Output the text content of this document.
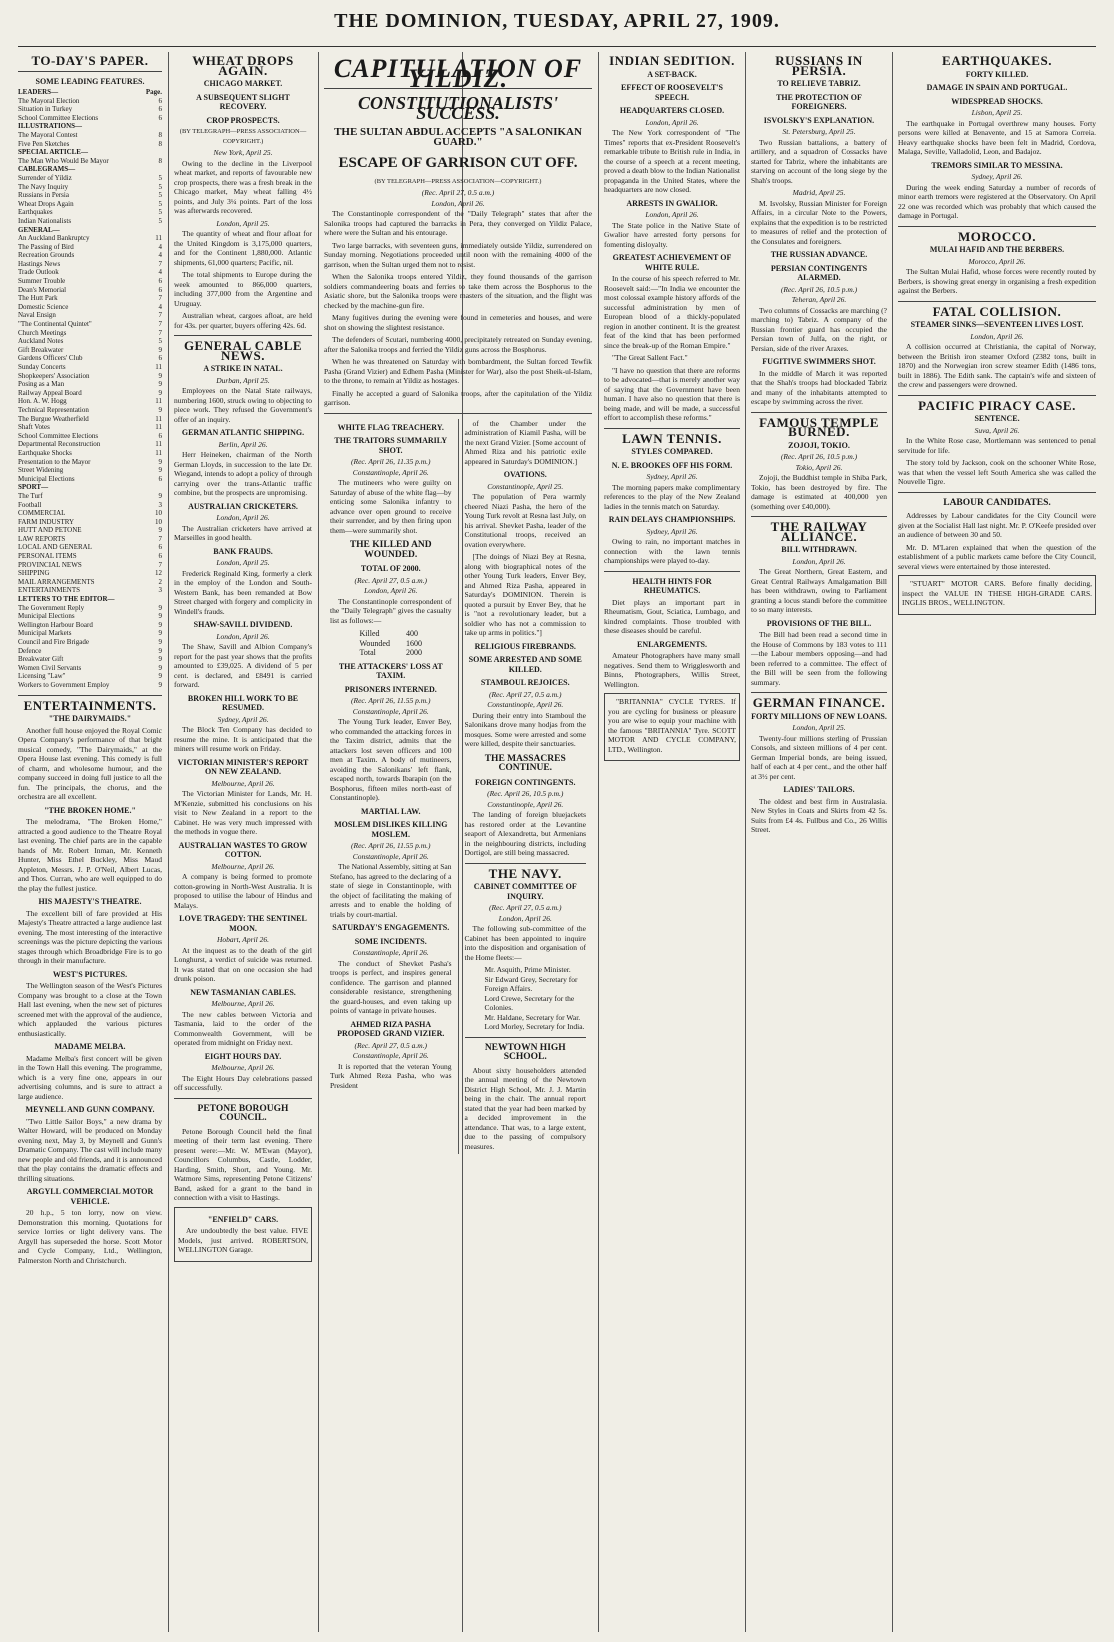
THE DOMINION, TUESDAY, APRIL 27, 1909.
TO-DAY'S PAPER.
SOME LEADING FEATURES.
LEADERS—	Page.
The Mayoral Election	6
Situation in Turkey	6
School Committee Elections	6
ILLUSTRATIONS—
The Mayoral Contest	8
Five Pen Sketches	8
SPECIAL ARTICLE—
The Man Who Would Be Mayor	8
CABLEGRAMS—
Surrender of Yildiz	5
The Navy Inquiry	5
Russians in Persia	5
Wheat Drops Again	5
Earthquakes	5
Indian Nationalists	5
GENERAL—
An Auckland Bankruptcy	11
The Passing of Bird	4
Recreation Grounds	4
Hastings News	7
Trade Outlook	4
Summer Trouble	6
Dean's Memorial	6
The Hutt Park	7
Domestic Science	4
Naval Ensign	7
"The Continental Quintet"	7
Church Meetings	7
Auckland Notes	5
Gift Breakwater	9
Gardens Officers' Club	6
Sunday Concerts	11
Shopkeepers' Association	9
Posing as a Man	9
Railway Appeal Board	9
Hon. A. W. Hogg	11
Technical Representation	9
The Burgue Weatherfield	11
Shaft Votes	11
School Committee Elections	6
Departmental Reconstruction	11
Earthquake Shocks	11
Presentation to the Mayor	9
Street Widening	9
Municipal Elections	6
SPORT—
The Turf	9
Football	3
COMMERCIAL	10
FARM INDUSTRY	10
HUTT AND PETONE	9
LAW REPORTS	7
LOCAL AND GENERAL	6
PERSONAL ITEMS	6
PROVINCIAL NEWS	7
SHIPPING	12
MAIL ARRANGEMENTS	2
ENTERTAINMENTS	3
LETTERS TO THE EDITOR—
The Government Reply	9
Municipal Elections	9
Wellington Harbour Board	9
Municipal Markets	9
Council and Fire Brigade	9
Defence	9
Breakwater Gift	9
Women Civil Servants	9
Licensing "Law"	9
Workers to Government Employ	9
ENTERTAINMENTS.
"THE DAIRYMAIDS."

Another full house enjoyed the Royal Comic Opera Company's performance of that bright musical comedy, "The Dairymaids," at the Opera House last evening. This comedy is full of charm, and wholesome humour, and the company succeed in doing full justice to all the fun. The principals, the chorus, and the orchestra are all excellent.

"THE BROKEN HOME."

The melodrama, "The Broken Home," attracted a good audience to the Theatre Royal last evening. The chief parts are in the capable hands of Mr. Robert Inman, Mr. Kenneth Hunter, Miss Ethel Buckley, Miss Maud Appleton, Messrs. J. P. O'Neil, Albert Lucas, and Thos. Curran, who are well equipped to do the play the fullest justice.

HIS MAJESTY'S THEATRE.

The excellent bill of fare provided at His Majesty's Theatre attracted a large audience last evening. The most interesting of the interactive screenings was the picture depicting the various stages through which Broadbridge Fire is to go through in their manufacture.

WEST'S PICTURES.

The Wellington season of the West's Pictures Company was brought to a close at the Town Hall last evening, when the new set of pictures screened met with the approval of the audience, which applauded the various pictures enthusiastically.

MADAME MELBA.

Madame Melba's first concert will be given in the Town Hall this evening. The programme, which is a very fine one, appears in our advertising columns, and is sure to attract a large audience.

MEYNELL AND GUNN COMPANY.

"Two Little Sailor Boys," a new drama by Walter Howard, will be produced on Monday evening next, May 3, by Meynell and Gunn's Dramatic Company. The cast will include many new people and old friends, and it is announced that the play contains the dramatic effects and thrilling situations.

ARGYLL COMMERCIAL MOTOR VEHICLE.

20 h.p., 5 ton lorry, now on view. Demonstration this morning. Quotations for service lorries or light delivery vans. The Argyll has superseded the horse. Scott Motor and Cycle Company, Ltd., Wellington, Palmerston North and Christchurch.

WHEAT DROPS AGAIN.
CHICAGO MARKET.
A SUBSEQUENT SLIGHT RECOVERY.
CROP PROSPECTS.
(BY TELEGRAPH—PRESS ASSOCIATION—COPYRIGHT.)
New York, April 25.

Owing to the decline in the Liverpool wheat market, and reports of favourable new crop prospects, there was a fresh break in the Chicago market, May wheat falling 4½ points, and July 3¼ points. Part of the loss was afterwards recovered.

London, April 25.

The quantity of wheat and flour afloat for the United Kingdom is 3,175,000 quarters, and for the Continent 1,880,000. Atlantic shipments, 61,000 quarters; Pacific, nil.

The total shipments to Europe during the week amounted to 866,000 quarters, including 377,000 from the Argentine and Uruguay.

Australian wheat, cargoes afloat, are held for 43s. per quarter, buyers offering 42s. 6d.

GENERAL CABLE NEWS.
A STRIKE IN NATAL.
Durban, April 25.

Employees on the Natal State railways, numbering 1600, struck owing to objecting to piece work. They refused the Government's offer of an inquiry.

GERMAN ATLANTIC SHIPPING.
Berlin, April 26.

Herr Heineken, chairman of the North German Lloyds, in succession to the late Dr. Wiegand, intends to adopt a policy of through carrying over the trans-Atlantic traffic combine, but the prospects are unpromising.

AUSTRALIAN CRICKETERS.
London, April 26.

The Australian cricketers have arrived at Marseilles in good health.

BANK FRAUDS.
London, April 25.

Frederick Reginald King, formerly a clerk in the employ of the London and South-Western Bank, has been remanded at Bow Street charged with forgery and complicity in Windell's frauds.

SHAW-SAVILL DIVIDEND.
London, April 26.

The Shaw, Savill and Albion Company's report for the past year shows that the profits amounted to £39,025. A dividend of 5 per cent. is declared, and £8491 is carried forward.

BROKEN HILL WORK TO BE RESUMED.
Sydney, April 26.

The Block Ten Company has decided to resume the mine. It is anticipated that the miners will resume work on Friday.

VICTORIAN MINISTER'S REPORT ON NEW ZEALAND.
Melbourne, April 26.

The Victorian Minister for Lands, Mr. H. M'Kenzie, submitted his conclusions on his visit to New Zealand in a report to the Cabinet. He was very much impressed with the methods in vogue there.

AUSTRALIAN WASTES TO GROW COTTON.
Melbourne, April 26.

A company is being formed to promote cotton-growing in North-West Australia. It is proposed to utilise the labour of Hindus and Malays.

LOVE TRAGEDY: THE SENTINEL MOON.
Hobart, April 26.

At the inquest as to the death of the girl Longhurst, a verdict of suicide was returned. It was stated that on one occasion she had drunk poison.

NEW TASMANIAN CABLES.
Melbourne, April 26.

The new cables between Victoria and Tasmania, laid to the order of the Commonwealth Government, will be operated from midnight on Friday next.

EIGHT HOURS DAY.
Melbourne, April 26.

The Eight Hours Day celebrations passed off successfully.

PETONE BOROUGH COUNCIL.

Petone Borough Council held the final meeting of their term last evening. There present were:—Mr. W. M'Ewan (Mayor), Councillors Columbus, Castle, Lodder, Harding, Smith, Short, and Young. Mr. Watmore Sims, representing Petone Citizens' Band, asked for a grant to the band in connection with a visit to Hastings.

"ENFIELD" CARS.

Are undoubtedly the best value. FIVE Models, just arrived. ROBERTSON, WELLINGTON Garage.

CAPITULATION OF YILDIZ.
CONSTITUTIONALISTS' SUCCESS.
THE SULTAN ABDUL ACCEPTS "A SALONIKAN GUARD."
ESCAPE OF GARRISON CUT OFF.
(BY TELEGRAPH—PRESS ASSOCIATION—COPYRIGHT.)
(Rec. April 27, 0.5 a.m.)
London, April 26.

The Constantinople correspondent of the "Daily Telegraph" states that after the Salonika troops had captured the barracks in Pera, they converged on Yildiz Palace, where were the Sultan and his entourage.

Two large barracks, with seventeen guns, immediately outside Yildiz, surrendered on Sunday morning. Negotiations proceeded until noon with the remaining 4000 of the garrison, when the Sultan urged them not to resist.

When the Salonika troops entered Yildiz, they found thousands of the garrison soldiers commandeering boats and ferries to take them across the Bosphorus to the Asiatic shore, but the Salonika troops were masters of the situation, and the flight was checked by the machine-gun fire.

Many fugitives during the evening were found in cemeteries and houses, and were shot on showing the slightest resistance.

The defenders of Scutari, numbering 4000, precipitately retreated on Sunday evening, after the Salonika troops and ferried the Yildiz guns across the Bosphorus.

When he was threatened on Saturday with bombardment, the Sultan forced Tewfik Pasha (Grand Vizier) and Edhem Pasha (Minister for War), also the post Sheik-ul-Islam, to the throne, to remain at Yildiz as hostages.

Finally he accepted a guard of Salonika troops, after the capitulation of the Yildiz garrison.

WHITE FLAG TREACHERY.
THE TRAITORS SUMMARILY SHOT.
(Rec. April 26, 11.35 p.m.)
Constantinople, April 26.

The mutineers who were guilty on Saturday of abuse of the white flag—by enticing some Salonika infantry to advance over open ground to receive their surrender, and by then firing upon them—were summarily shot.

THE KILLED AND WOUNDED.
TOTAL OF 2000.
(Rec. April 27, 0.5 a.m.)
London, April 26.

The Constantinople correspondent of the "Daily Telegraph" gives the casualty list as follows:—

Killed	400
Wounded	1600
Total	2000
THE ATTACKERS' LOSS AT TAXIM.
PRISONERS INTERNED.
(Rec. April 26, 11.55 p.m.)
Constantinople, April 26.

The Young Turk leader, Enver Bey, who commanded the attacking forces in the Taxim district, admits that the attackers lost seven officers and 100 men at Taxim. A body of mutineers, avoiding the Salonikans' left flank, escaped north, towards Ibarapin (on the Bosphorus, fifteen miles north-east of Constantinople).

MARTIAL LAW.
MOSLEM DISLIKES KILLING MOSLEM.
(Rec. April 26, 11.55 p.m.)
Constantinople, April 26.

The National Assembly, sitting at San Stefano, has agreed to the declaring of a state of siege in Constantinople, with the object of facilitating the making of arrests and to enable the holding of trials by court-martial.

SATURDAY'S ENGAGEMENTS.
SOME INCIDENTS.
Constantinople, April 26.

The conduct of Shevket Pasha's troops is perfect, and inspires general confidence. The garrison and planned considerable resistance, strengthening the guard-houses, and even taking up points of vantage in private houses.

AHMED RIZA PASHA PROPOSED GRAND VIZIER.
(Rec. April 27, 0.5 a.m.)
Constantinople, April 26.

It is reported that the veteran Young Turk Ahmed Reza Pasha, who was President

of the Chamber under the administration of Kiamil Pasha, will be the next Grand Vizier. [Some account of Ahmed Riza and his patriotic exile appeared in Saturday's DOMINION.]

OVATIONS.
Constantinople, April 25.

The population of Pera warmly cheered Niazi Pasha, the hero of the Young Turk revolt at Resna last July, on his arrival. Shevket Pasha, leader of the Constitutional troops, received an ovation everywhere.

[The doings of Niazi Bey at Resna, along with biographical notes of the other Young Turk leaders, Enver Bey, and Ahmed Riza Pasha, appeared in Saturday's DOMINION. Therein is quoted a pursuit by Enver Bey, that he is "not a revolutionary leader, but a soldier who has not a commission to take up arms in politics."]

RELIGIOUS FIREBRANDS.
SOME ARRESTED AND SOME KILLED.
STAMBOUL REJOICES.
(Rec. April 27, 0.5 a.m.)
Constantinople, April 26.

During their entry into Stamboul the Salonikans drove many hodjas from the mosques. Some were arrested and some were killed, despite their sanctuaries.

THE MASSACRES CONTINUE.
FOREIGN CONTINGENTS.
(Rec. April 26, 10.5 p.m.)
Constantinople, April 26.

The landing of foreign bluejackets has restored order at the Levantine seaport of Alexandretta, but Armenians in the neighbouring districts, including Dortigol, are still being massacred.

THE NAVY.
CABINET COMMITTEE OF INQUIRY.
(Rec. April 27, 0.5 a.m.)
London, April 26.

The following sub-committee of the Cabinet has been appointed to inquire into the disposition and organisation of the Home fleets:—

Mr. Asquith, Prime Minister.
Sir Edward Grey, Secretary for Foreign Affairs.
Lord Crewe, Secretary for the Colonies.
Mr. Haldane, Secretary for War.
Lord Morley, Secretary for India.
NEWTOWN HIGH SCHOOL.

About sixty householders attended the annual meeting of the Newtown District High School, Mr. J. J. Martin being in the chair. The annual report stated that the year had been marked by a decided improvement in the attendance. That was, to a large extent, due to the passing of compulsory measures.

INDIAN SEDITION.
A SET-BACK.
EFFECT OF ROOSEVELT'S SPEECH.
HEADQUARTERS CLOSED.
London, April 26.

The New York correspondent of "The Times" reports that ex-President Roosevelt's remarkable tribute to British rule in India, in the course of a speech at a recent meeting, proved a death blow to the Indian Nationalist propaganda in the United States, where the headquarters are now closed.

ARRESTS IN GWALIOR.
London, April 26.

The State police in the Native State of Gwalior have arrested forty persons for fomenting disloyalty.

GREATEST ACHIEVEMENT OF WHITE RULE.

In the course of his speech referred to Mr. Roosevelt said:—"In India we encounter the most colossal example history affords of the successful administration by men of European blood of a thickly-populated region in another continent. It is the greatest feat of the kind that has been performed since the break-up of the Roman Empire."

"The Great Sallent Fact."

"I have no question that there are reforms to be advocated—that is merely another way of saying that the Government have been human. I have also no question that there is being made, and will be made, a successful effort to accomplish these reforms."

LAWN TENNIS.
STYLES COMPARED.
N. E. BROOKES OFF HIS FORM.
Sydney, April 26.

The morning papers make complimentary references to the play of the New Zealand ladies in the tennis match on Saturday.

RAIN DELAYS CHAMPIONSHIPS.
Sydney, April 26.

Owing to rain, no important matches in connection with the lawn tennis championships were played to-day.

HEALTH HINTS FOR RHEUMATICS.

Diet plays an important part in Rheumatism, Gout, Sciatica, Lumbago, and kindred complaints. Those troubled with these diseases should be careful.

ENLARGEMENTS.

Amateur Photographers have many small negatives. Send them to Wrigglesworth and Binns, Photographers, Willis Street, Wellington.

"BRITANNIA" CYCLE TYRES. If you are cycling for business or pleasure you are wise to equip your machine with the famous "BRITANNIA" Tyre. SCOTT MOTOR AND CYCLE COMPANY, LTD., Wellington.

RUSSIANS IN PERSIA.
TO RELIEVE TABRIZ.
THE PROTECTION OF FOREIGNERS.
ISVOLSKY'S EXPLANATION.
St. Petersburg, April 25.

Two Russian battalions, a battery of artillery, and a squadron of Cossacks have started for Tabriz, where the inhabitants are starving on account of the long siege by the Shah's troops.

Madrid, April 25.

M. Isvolsky, Russian Minister for Foreign Affairs, in a circular Note to the Powers, explains that the expedition is to be restricted to measures of relief and the protection of the Consulates and foreigners.

THE RUSSIAN ADVANCE.
PERSIAN CONTINGENTS ALARMED.
(Rec. April 26, 10.5 p.m.)
Teheran, April 26.

Two columns of Cossacks are marching (? marching to) Tabriz. A company of the Russian frontier guard has occupied the Persian town of Julfa, on the right, or Persian, side of the river Araxes.

FUGITIVE SWIMMERS SHOT.

In the middle of March it was reported that the Shah's troops had blockaded Tabriz and many of the inhabitants attempted to escape by swimming across the river.

FAMOUS TEMPLE BURNED.
ZOJOJI, TOKIO.
(Rec. April 26, 10.5 p.m.)
Tokio, April 26.

Zojoji, the Buddhist temple in Shiba Park, Tokio, has been destroyed by fire. The damage is estimated at 400,000 yen (something over £40,000).

THE RAILWAY ALLIANCE.
BILL WITHDRAWN.
London, April 26.

The Great Northern, Great Eastern, and Great Central Railways Amalgamation Bill has been withdrawn, owing to Parliament granting a locus standi before the committee to so many interests.

PROVISIONS OF THE BILL.

The Bill had been read a second time in the House of Commons by 183 votes to 111—the Labour members opposing—and had been referred to a committee. The effect of the Bill will be seen from the following summary.

GERMAN FINANCE.
FORTY MILLIONS OF NEW LOANS.
London, April 25.

Twenty-four millions sterling of Prussian Consols, and sixteen millions of 4 per cent. German Imperial bonds, are being issued, half of each at 4 per cent., and the other half at 3½ per cent.

LADIES' TAILORS.

The oldest and best firm in Australasia. New Styles in Coats and Skirts from 42 5s. Suits from £4 4s. Fullbus and Co., 26 Willis Street.

EARTHQUAKES.
FORTY KILLED.
DAMAGE IN SPAIN AND PORTUGAL.
WIDESPREAD SHOCKS.
Lisbon, April 25.

The earthquake in Portugal overthrew many houses. Forty persons were killed at Benavente, and 15 at Samora Correia. Heavy earthquake shocks have been felt in Madrid, Cordova, Malaga, Seville, Valladolid, Leon, and Badajoz.

TREMORS SIMILAR TO MESSINA.
Sydney, April 26.

During the week ending Saturday a number of records of minor earth tremors were registered at the Observatory. On April 22 one was recorded which was probably that which caused the damage in Portugal.

MOROCCO.
MULAI HAFID AND THE BERBERS.
Morocco, April 26.

The Sultan Mulai Hafid, whose forces were recently routed by Berbers, is showing great energy in organising a fresh expedition against the Berbers.

FATAL COLLISION.
STEAMER SINKS—SEVENTEEN LIVES LOST.
London, April 26.

A collision occurred at Christiania, the capital of Norway, between the British iron steamer Oxford (2382 tons, built in 1870) and the Norwegian iron screw steamer Edith (1486 tons, built in 1886). The Edith sank. The captain's wife and sixteen of the crew and passengers were drowned.

PACIFIC PIRACY CASE.
SENTENCE.
Suva, April 26.

In the White Rose case, Mortlemann was sentenced to penal servitude for life.

The story told by Jackson, cook on the schooner White Rose, was that when the vessel left South America she was called the Nouvelle Tigre.

LABOUR CANDIDATES.

Addresses by Labour candidates for the City Council were given at the Socialist Hall last night. Mr. P. O'Keefe presided over an audience of between 30 and 50.

Mr. D. M'Laren explained that when the question of the establishment of a public markets came before the City Council, several views were entertained by those interested.

"STUART" MOTOR CARS. Before finally deciding, inspect the VALUE IN THESE HIGH-GRADE CARS. INGLIS BROS., WELLINGTON.
